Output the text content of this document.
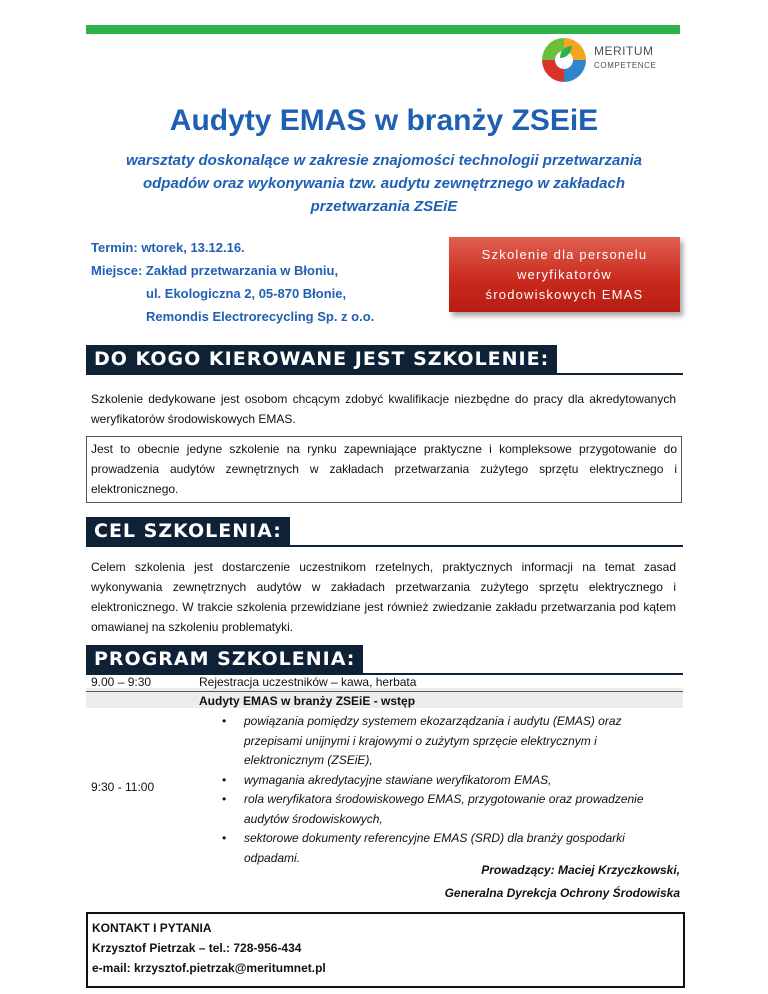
MERITUM
COMPETENCE
Audyty EMAS w branży ZSEiE
warsztaty doskonalące w zakresie znajomości technologii przetwarzania
odpadów oraz wykonywania tzw. audytu zewnętrznego w zakładach
przetwarzania ZSEiE
Termin: wtorek, 13.12.16.
Miejsce: Zakład przetwarzania w Błoniu,
ul. Ekologiczna 2, 05-870 Błonie,
Remondis Electrorecycling Sp. z o.o.
Szkolenie dla personelu
weryfikatorów
środowiskowych EMAS
DO KOGO KIEROWANE JEST SZKOLENIE:
Szkolenie dedykowane jest osobom chcącym zdobyć kwalifikacje niezbędne do pracy dla akredytowanych weryfikatorów środowiskowych EMAS.
Jest to obecnie jedyne szkolenie na rynku zapewniające praktyczne i kompleksowe przygotowanie do prowadzenia audytów zewnętrznych w zakładach przetwarzania zużytego sprzętu elektrycznego i elektronicznego.
CEL SZKOLENIA:
Celem szkolenia jest dostarczenie uczestnikom rzetelnych, praktycznych informacji na temat zasad wykonywania zewnętrznych audytów w zakładach przetwarzania zużytego sprzętu elektrycznego i elektronicznego. W trakcie szkolenia przewidziane jest również zwiedzanie zakładu przetwarzania pod kątem omawianej na szkoleniu problematyki.
PROGRAM SZKOLENIA:
9.00 – 9:30	Rejestracja uczestników – kawa, herbata
Audyty EMAS w branży ZSEiE - wstęp
9:30 - 11:00
• powiązania pomiędzy systemem ekozarządzania i audytu (EMAS) oraz przepisami unijnymi i krajowymi o zużytym sprzęcie elektrycznym i elektronicznym (ZSEiE),
• wymagania akredytacyjne stawiane weryfikatorom EMAS,
• rola weryfikatora środowiskowego EMAS, przygotowanie oraz prowadzenie audytów środowiskowych,
• sektorowe dokumenty referencyjne EMAS (SRD) dla branży gospodarki odpadami.
Prowadzący: Maciej Krzyczkowski,
Generalna Dyrekcja Ochrony Środowiska
KONTAKT I PYTANIA
Krzysztof Pietrzak – tel.: 728-956-434
e-mail: krzysztof.pietrzak@meritumnet.pl
